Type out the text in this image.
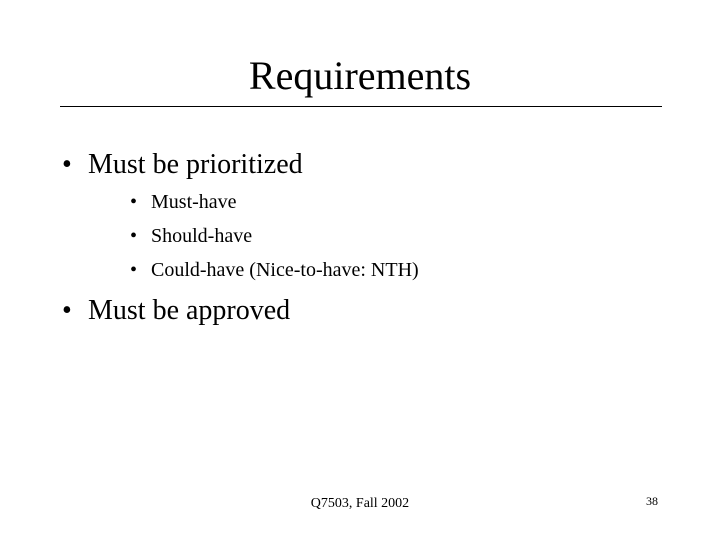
Requirements
• Must be prioritized
• Must-have
• Should-have
• Could-have (Nice-to-have: NTH)
• Must be approved
Q7503, Fall 2002	38
